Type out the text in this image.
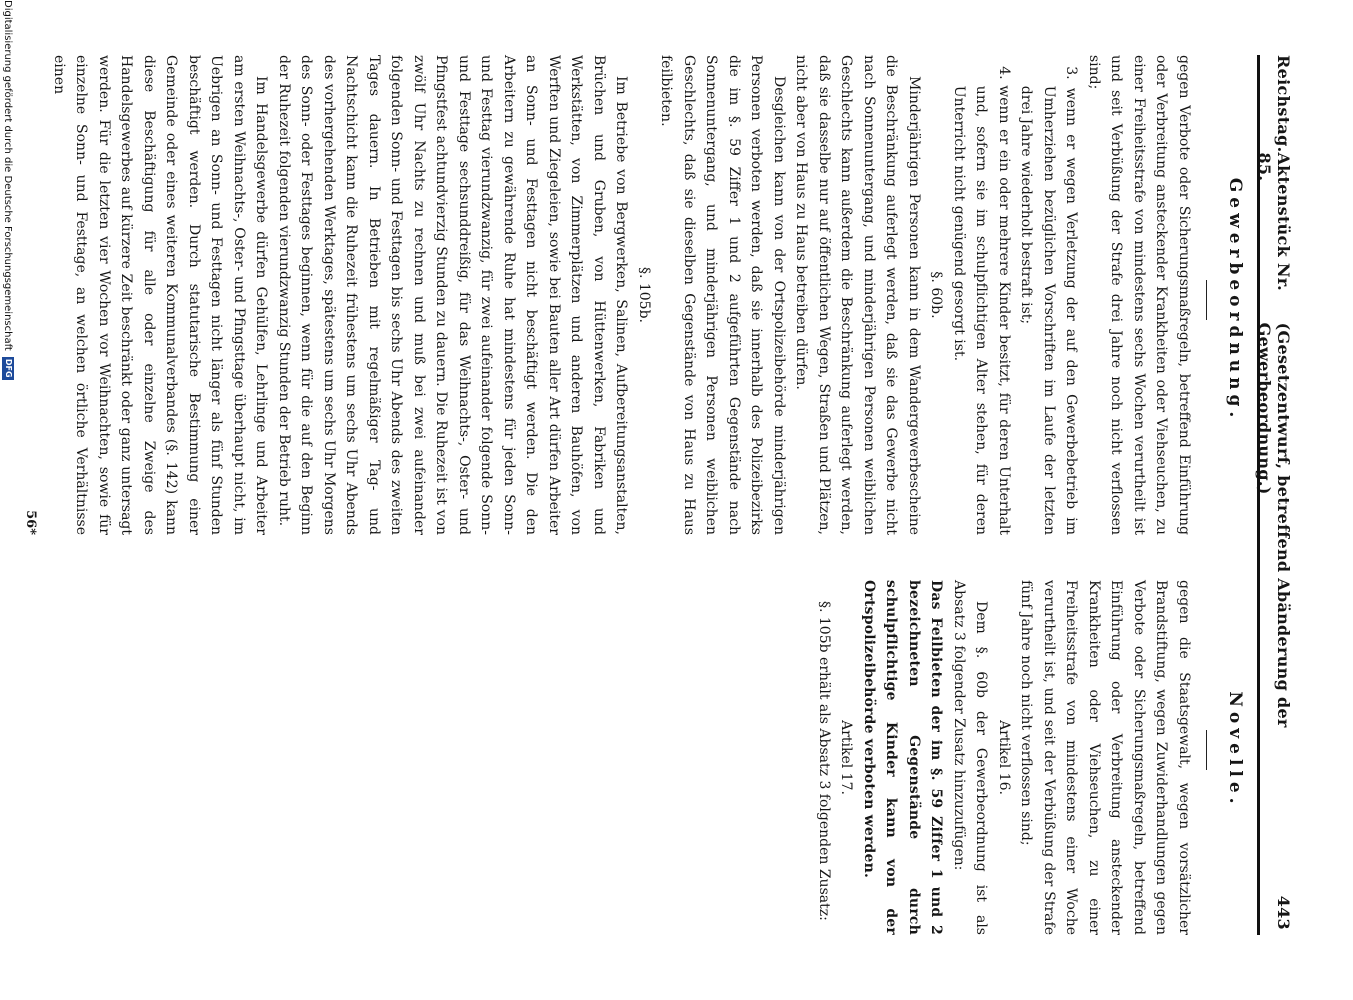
Reichstag.
Aktenstück Nr. 85.
(Gesetzentwurf, betreffend Abänderung der Gewerbeordnung.)
443
Gewerbeordnung.
Novelle.

gegen Verbote oder Sicherungsmaßregeln, betreffend Einführung oder Verbreitung ansteckender Krankheiten oder Viehseuchen, zu einer Freiheitsstrafe von mindestens sechs Wochen verurtheilt ist und seit Verbüßung der Strafe drei Jahre noch nicht verflossen sind;

3. wenn er wegen Verletzung der auf den Gewerbebetrieb im Umherziehen bezüglichen Vorschriften im Laufe der letzten drei Jahre wiederholt bestraft ist;

4. wenn er ein oder mehrere Kinder besitzt, für deren Unterhalt und, sofern sie im schulpflichtigen Alter stehen, für deren Unterricht nicht genügend gesorgt ist.

§. 60b.

Minderjährigen Personen kann in dem Wandergewerbescheine die Beschränkung auferlegt werden, daß sie das Gewerbe nicht nach Sonnenuntergang, und minderjährigen Personen weiblichen Geschlechts kann außerdem die Beschränkung auferlegt werden, daß sie dasselbe nur auf öffentlichen Wegen, Straßen und Plätzen, nicht aber von Haus zu Haus betreiben dürfen.

Desgleichen kann von der Ortspolizeibehörde minderjährigen Personen verboten werden, daß sie innerhalb des Polizeibezirks die im §. 59 Ziffer 1 und 2 aufgeführten Gegenstände nach Sonnenuntergang, und minderjährigen Personen weiblichen Geschlechts, daß sie dieselben Gegenstände von Haus zu Haus feilbieten.

§. 105b.

Im Betriebe von Bergwerken, Salinen, Aufbereitungsanstalten, Brüchen und Gruben, von Hüttenwerken, Fabriken und Werkstätten, von Zimmerplätzen und anderen Bauhöfen, von Werften und Ziegeleien, sowie bei Bauten aller Art dürfen Arbeiter an Sonn- und Festtagen nicht beschäftigt werden. Die den Arbeitern zu gewährende Ruhe hat mindestens für jeden Sonn- und Festtag vierundzwanzig, für zwei aufeinander folgende Sonn- und Festtage sechsunddreißig, für das Weihnachts-, Oster- und Pfingstfest achtundvierzig Stunden zu dauern. Die Ruhezeit ist von zwölf Uhr Nachts zu rechnen und muß bei zwei aufeinander folgenden Sonn- und Festtagen bis sechs Uhr Abends des zweiten Tages dauern. In Betrieben mit regelmäßiger Tag- und Nachtschicht kann die Ruhezeit frühestens um sechs Uhr Abends des vorhergehenden Werktages, spätestens um sechs Uhr Morgens des Sonn- oder Festtages beginnen, wenn für die auf den Beginn der Ruhezeit folgenden vierundzwanzig Stunden der Betrieb ruht.

Im Handelsgewerbe dürfen Gehülfen, Lehrlinge und Arbeiter am ersten Weihnachts-, Oster- und Pfingsttage überhaupt nicht, im Uebrigen an Sonn- und Festtagen nicht länger als fünf Stunden beschäftigt werden. Durch statutarische Bestimmung einer Gemeinde oder eines weiteren Kommunalverbandes (§. 142) kann diese Beschäftigung für alle oder einzelne Zweige des Handelsgewerbes auf kürzere Zeit beschränkt oder ganz untersagt werden. Für die letzten vier Wochen vor Weihnachten, sowie für einzelne Sonn- und Festtage, an welchen örtliche Verhältnisse einen

gegen die Staatsgewalt, wegen vorsätzlicher Brandstiftung, wegen Zuwiderhandlungen gegen Verbote oder Sicherungsmaßregeln, betreffend Einführung oder Verbreitung ansteckender Krankheiten oder Viehseuchen, zu einer Freiheitsstrafe von mindestens einer Woche verurtheilt ist, und seit der Verbüßung der Strafe fünf Jahre noch nicht verflossen sind;

Artikel 16.

Dem §. 60b der Gewerbeordnung ist als Absatz 3 folgender Zusatz hinzuzufügen:

Das Feilbieten der im §. 59 Ziffer 1 und 2 bezeichneten Gegenstände durch schulpflichtige Kinder kann von der Ortspolizeibehörde verboten werden.

Artikel 17.

§. 105b erhält als Absatz 3 folgenden Zusatz:

56*
DFG
Digitalisierung gefördert durch die Deutsche Forschungsgemeinschaft
